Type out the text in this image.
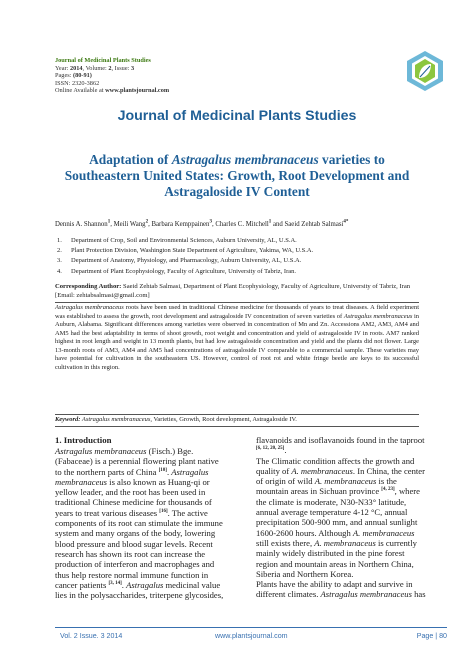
Journal of Medicinal Plants Studies
Year: 2014, Volume: 2, Issue: 3
Pages: (80-91)
ISSN: 2320-3862
Online Available at www.plantsjournal.com
Journal of Medicinal Plants Studies
Adaptation of Astragalus membranaceus varieties to
Southeastern United States: Growth, Root Development and
Astragaloside IV Content
Dennis A. Shannon$^1$, Meili Wang$^2$, Barbara Kemppainen$^3$, Charles C. Mitchell$^1$ and Saeid Zehtab Salmasi$^{4*}$
1.	Department of Crop, Soil and Environmental Sciences, Auburn University, AL, U.S.A.
2.	Plant Protection Division, Washington State Department of Agriculture, Yakima, WA, U.S.A.
3.	Department of Anatomy, Physiology, and Pharmacology, Auburn University, AL, U.S.A.
4.	Department of Plant Ecophysiology, Faculty of Agriculture, University of Tabriz, Iran.
Corresponding Author: Saeid Zehtab Salmasi, Department of Plant Ecophysiology, Faculty of Agriculture, University of Tabriz, Iran [Email: zehtabsalmasi@gmail.com]
Astragalus membranaceus roots have been used in traditional Chinese medicine for thousands of years to treat diseases. A field experiment was established to assess the growth, root development and astragaloside IV concentration of seven varieties of Astragalus membranaceus in Auburn, Alabama. Significant differences among varieties were observed in concentration of Mn and Zn. Accessions AM2, AM3, AM4 and AM5 had the best adaptability in terms of shoot growth, root weight and concentration and yield of astragaloside IV in roots. AM7 ranked highest in root length and weight in 13 month plants, but had low astragaloside concentration and yield and the plants did not flower. Large 13-month roots of AM3, AM4 and AM5 had concentrations of astragaloside IV comparable to a commercial sample. These varieties may have potential for cultivation in the southeastern US. However, control of root rot and white fringe beetle are keys to its successful cultivation in this region.
Keyword: Astragalus membranaceus, Varieties, Growth, Root development, Astragaloside IV.
1. Introduction
Astragalus membranaceus (Fisch.) Bge.
(Fabaceae) is a perennial flowering plant native
to the northern parts of China [10]. Astragalus
membranaceus is also known as Huang-qi or
yellow leader, and the root has been used in
traditional Chinese medicine for thousands of
years to treat various diseases [16]. The active
components of its root can stimulate the immune
system and many organs of the body, lowering
blood pressure and blood sugar levels. Recent
research has shown its root can increase the
production of interferon and macrophages and
thus help restore normal immune function in
cancer patients [3, 14]. Astragalus medicinal value
lies in the polysaccharides, triterpene glycosides,
flavanoids and isoflavanoids found in the taproot
[6, 12, 20, 25].
The Climatic condition affects the growth and
quality of A. membranaceus. In China, the center
of origin of wild A. membranaceus is the
mountain areas in Sichuan province [4, 23], where
the climate is moderate, N30-N33° latitude,
annual average temperature 4-12 °C, annual
precipitation 500-900 mm, and annual sunlight
1600-2600 hours. Although A. membranaceus
still exists there, A. membranaceus is currently
mainly widely distributed in the pine forest
region and mountain areas in Northern China,
Siberia and Northern Korea.
Plants have the ability to adapt and survive in
different climates. Astragalus membranaceus has
Vol. 2 Issue. 3 2014	www.plantsjournal.com	Page | 80
